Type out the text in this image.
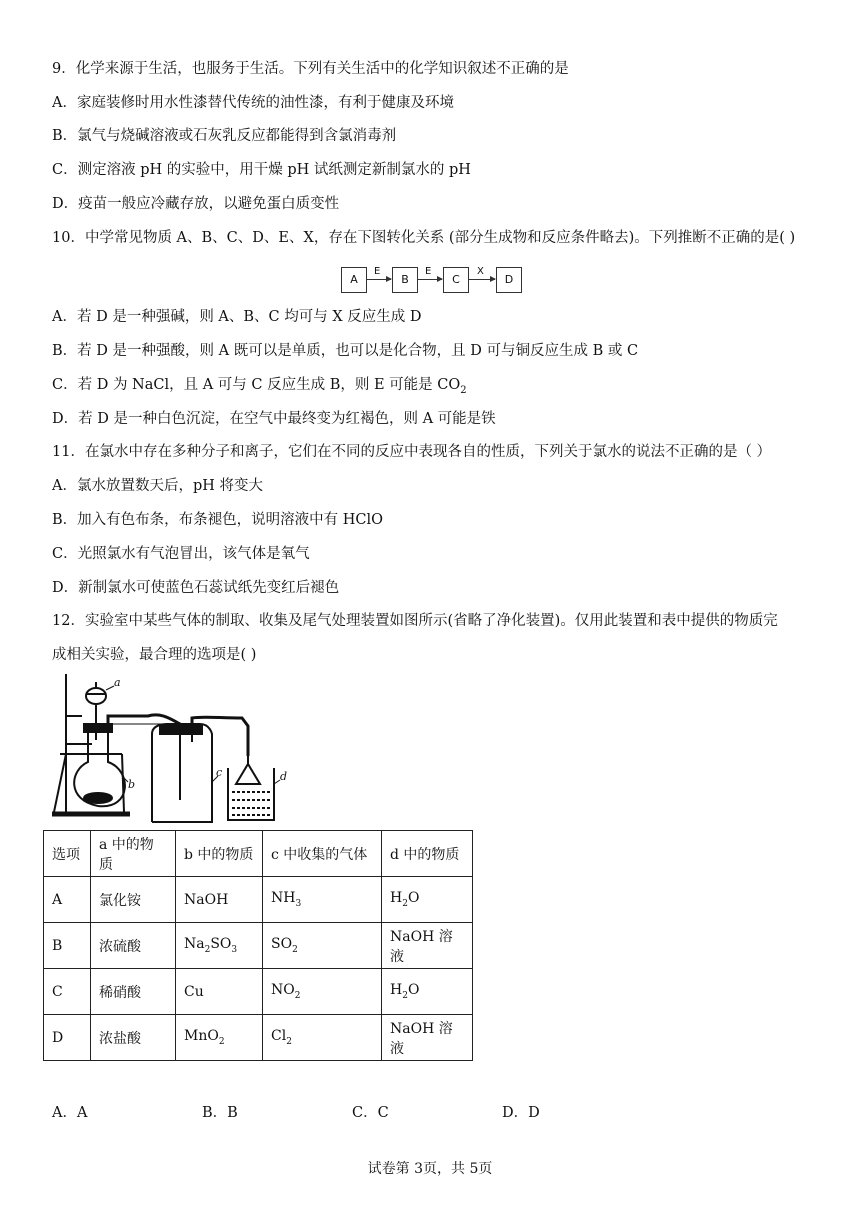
9．化学来源于生活，也服务于生活。下列有关生活中的化学知识叙述不正确的是
A．家庭装修时用水性漆替代传统的油性漆，有利于健康及环境
B．氯气与烧碱溶液或石灰乳反应都能得到含氯消毒剂
C．测定溶液 pH 的实验中，用干燥 pH 试纸测定新制氯水的 pH
D．疫苗一般应冷藏存放，以避免蛋白质变性
10．中学常见物质 A、B、C、D、E、X，存在下图转化关系 (部分生成物和反应条件略去)。下列推断不正确的是( )
A
E
B
E
C
X
D
A．若 D 是一种强碱，则 A、B、C 均可与 X 反应生成 D
B．若 D 是一种强酸，则 A 既可以是单质，也可以是化合物，且 D 可与铜反应生成 B 或 C
C．若 D 为 NaCl，且 A 可与 C 反应生成 B，则 E 可能是 $CO_2$
D．若 D 是一种白色沉淀，在空气中最终变为红褐色，则 A 可能是铁
11．在氯水中存在多种分子和离子，它们在不同的反应中表现各自的性质，下列关于氯水的说法不正确的是（ ）
A．氯水放置数天后，pH 将变大
B．加入有色布条，布条褪色，说明溶液中有 HClO
C．光照氯水有气泡冒出，该气体是氧气
D．新制氯水可使蓝色石蕊试纸先变红后褪色
12．实验室中某些气体的制取、收集及尾气处理装置如图所示(省略了净化装置)。仅用此装置和表中提供的物质完
成相关实验，最合理的选项是( )
a
b
c	d
选项	a 中的物质	b 中的物质	c 中收集的气体	d 中的物质
A	氯化铵	NaOH	$NH_3$	$H_2O$
B	浓硫酸	$Na_2SO_3$	$SO_2$	NaOH 溶液
C	稀硝酸	Cu	$NO_2$	$H_2O$
D	浓盐酸	MnO$_2$	$Cl_2$	NaOH 溶液
A．A	B．B	C．C	D．D
试卷第 3页，共 5页
